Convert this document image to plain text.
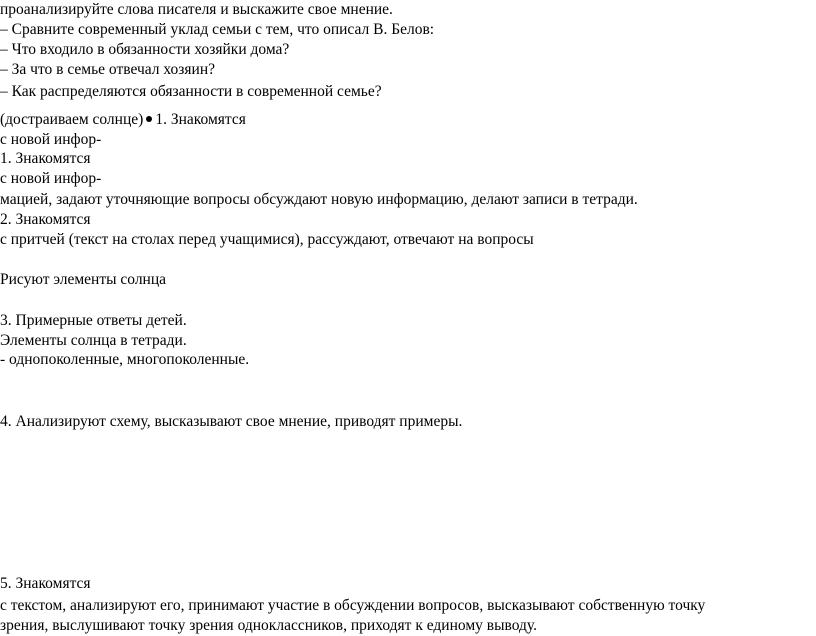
проанализируйте слова писателя и выскажите свое мнение.
– Сравните современный уклад семьи с тем, что описал В. Белов:
– Что входило в обязанности хозяйки дома?
– За что в семье отвечал хозяин?
– Как распределяются обязанности в современной семье?
(достраиваем солнце) 1. Знакомятся
с новой инфор-
1. Знакомятся
с новой инфор-
мацией, задают уточняющие вопросы обсуждают новую информацию, делают записи в тетради.
2. Знакомятся
с притчей (текст на столах перед учащимися), рассуждают, отвечают на вопросы
Рисуют элементы солнца
3. Примерные ответы детей.
Элементы солнца в тетради.
- однопоколенные, многопоколенные.
4. Анализируют схему, высказывают свое мнение, приводят примеры.
5. Знакомятся
с текстом, анализируют его, принимают участие в обсуждении вопросов, высказывают собственную точку
зрения, выслушивают точку зрения одноклассников, приходят к единому выводу.
